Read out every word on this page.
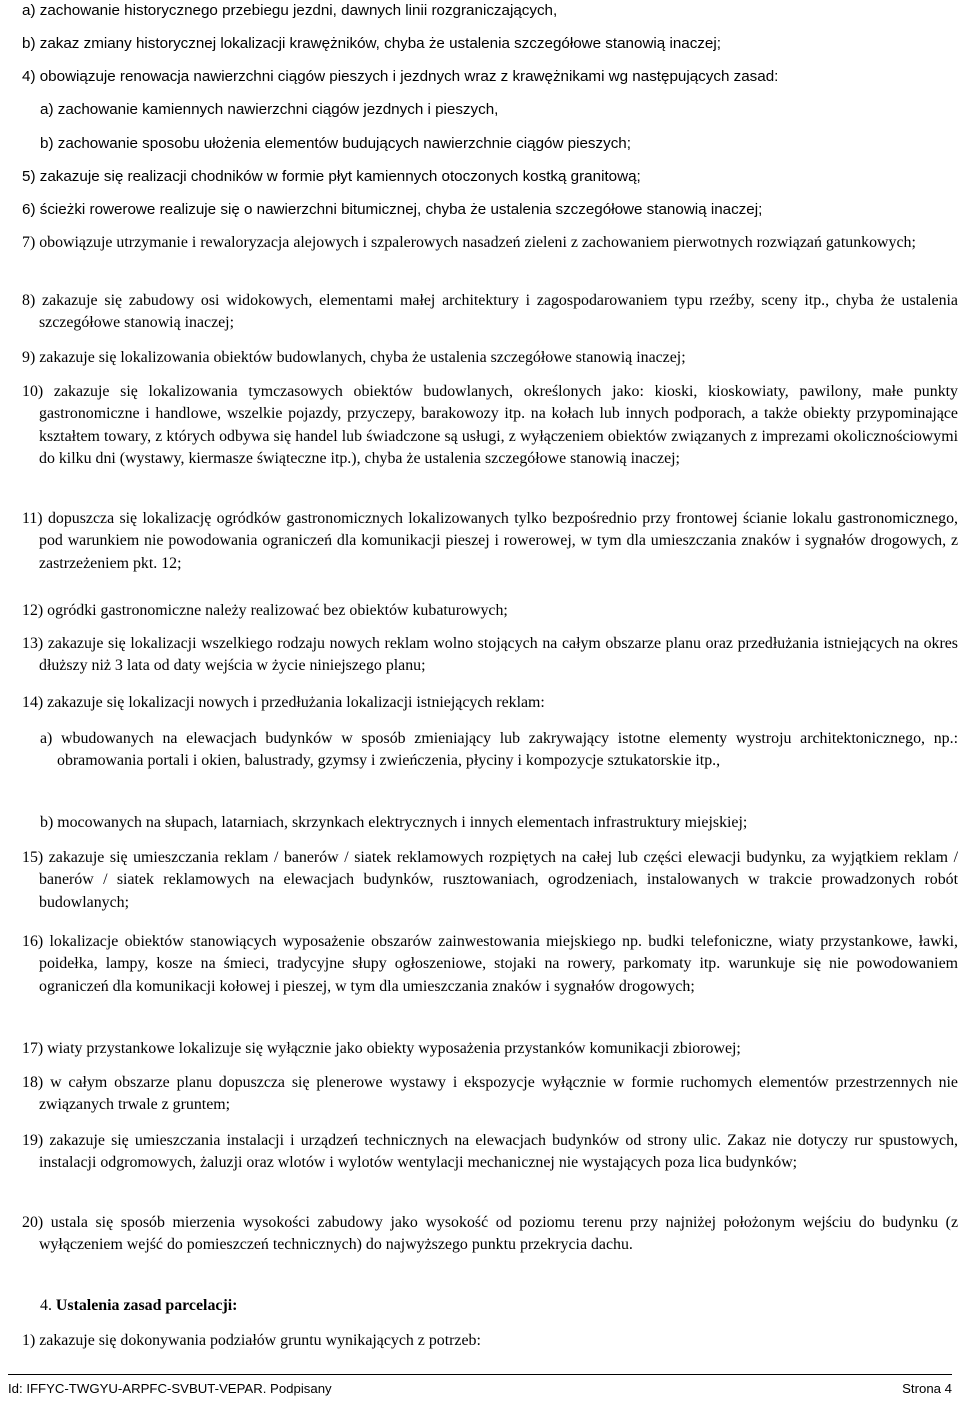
a) zachowanie historycznego przebiegu jezdni, dawnych linii rozgraniczających,
b) zakaz zmiany historycznej lokalizacji krawężników, chyba że ustalenia szczegółowe stanowią inaczej;
4) obowiązuje renowacja nawierzchni ciągów pieszych i jezdnych wraz z krawężnikami wg następujących zasad:
a) zachowanie kamiennych nawierzchni ciągów jezdnych i pieszych,
b) zachowanie sposobu ułożenia elementów budujących nawierzchnie ciągów pieszych;
5) zakazuje się realizacji chodników w formie płyt kamiennych otoczonych kostką granitową;
6) ścieżki rowerowe realizuje się o nawierzchni bitumicznej, chyba że ustalenia szczegółowe stanowią inaczej;
7) obowiązuje utrzymanie i rewaloryzacja alejowych i szpalerowych nasadzeń zieleni z zachowaniem pierwotnych rozwiązań gatunkowych;
8) zakazuje się zabudowy osi widokowych, elementami małej architektury i zagospodarowaniem typu rzeźby, sceny itp., chyba że ustalenia szczegółowe stanowią inaczej;
9) zakazuje się lokalizowania obiektów budowlanych, chyba że ustalenia szczegółowe stanowią inaczej;
10) zakazuje się lokalizowania tymczasowych obiektów budowlanych, określonych jako: kioski, kioskowiaty, pawilony, małe punkty gastronomiczne i handlowe, wszelkie pojazdy, przyczepy, barakowozy itp. na kołach lub innych podporach, a także obiekty przypominające kształtem towary, z których odbywa się handel lub świadczone są usługi, z wyłączeniem obiektów związanych z imprezami okolicznościowymi do kilku dni (wystawy, kiermasze świąteczne itp.), chyba że ustalenia szczegółowe stanowią inaczej;
11) dopuszcza się lokalizację ogródków gastronomicznych lokalizowanych tylko bezpośrednio przy frontowej ścianie lokalu gastronomicznego, pod warunkiem nie powodowania ograniczeń dla komunikacji pieszej i rowerowej, w tym dla umieszczania znaków i sygnałów drogowych, z zastrzeżeniem pkt. 12;
12) ogródki gastronomiczne należy realizować bez obiektów kubaturowych;
13) zakazuje się lokalizacji wszelkiego rodzaju nowych reklam wolno stojących na całym obszarze planu oraz przedłużania istniejących na okres dłuższy niż 3 lata od daty wejścia w życie niniejszego planu;
14) zakazuje się lokalizacji nowych i przedłużania lokalizacji istniejących reklam:
a) wbudowanych na elewacjach budynków w sposób zmieniający lub zakrywający istotne elementy wystroju architektonicznego, np.: obramowania portali i okien, balustrady, gzymsy i zwieńczenia, płyciny i kompozycje sztukatorskie itp.,
b) mocowanych na słupach, latarniach, skrzynkach elektrycznych i innych elementach infrastruktury miejskiej;
15) zakazuje się umieszczania reklam / banerów / siatek reklamowych rozpiętych na całej lub części elewacji budynku, za wyjątkiem reklam / banerów / siatek reklamowych na elewacjach budynków, rusztowaniach, ogrodzeniach, instalowanych w trakcie prowadzonych robót budowlanych;
16) lokalizacje obiektów stanowiących wyposażenie obszarów zainwestowania miejskiego np. budki telefoniczne, wiaty przystankowe, ławki, poidełka, lampy, kosze na śmieci, tradycyjne słupy ogłoszeniowe, stojaki na rowery, parkomaty itp. warunkuje się nie powodowaniem ograniczeń dla komunikacji kołowej i pieszej, w tym dla umieszczania znaków i sygnałów drogowych;
17) wiaty przystankowe lokalizuje się wyłącznie jako obiekty wyposażenia przystanków komunikacji zbiorowej;
18) w całym obszarze planu dopuszcza się plenerowe wystawy i ekspozycje wyłącznie w formie ruchomych elementów przestrzennych nie związanych trwale z gruntem;
19) zakazuje się umieszczania instalacji i urządzeń technicznych na elewacjach budynków od strony ulic. Zakaz nie dotyczy rur spustowych, instalacji odgromowych, żaluzji oraz wlotów i wylotów wentylacji mechanicznej nie wystających poza lica budynków;
20) ustala się sposób mierzenia wysokości zabudowy jako wysokość od poziomu terenu przy najniżej położonym wejściu do budynku (z wyłączeniem wejść do pomieszczeń technicznych) do najwyższego punktu przekrycia dachu.
4. Ustalenia zasad parcelacji:
1) zakazuje się dokonywania podziałów gruntu wynikających z potrzeb:
Id: IFFYC-TWGYU-ARPFC-SVBUT-VEPAR. Podpisany	Strona 4
